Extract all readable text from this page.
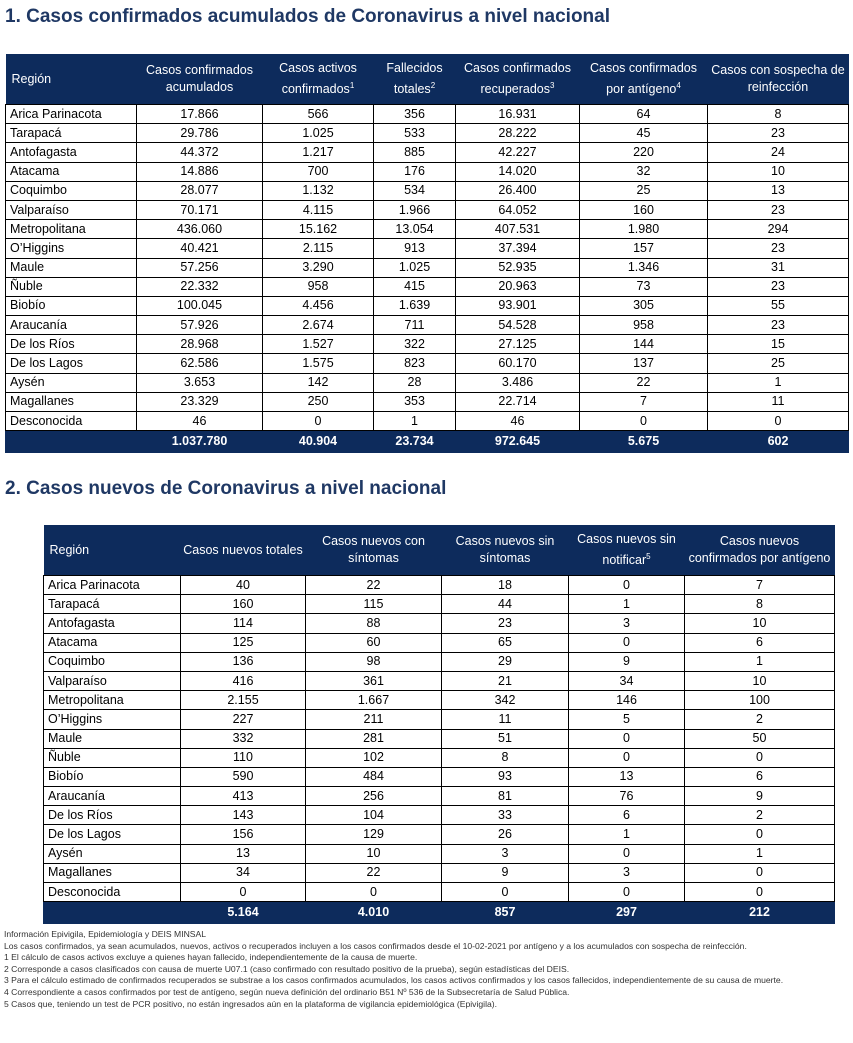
1. Casos confirmados acumulados de Coronavirus a nivel nacional
Región	Casos confirmados acumulados	Casos activos confirmados$^1$	Fallecidos totales$^2$	Casos confirmados recuperados$^3$	Casos confirmados por antígeno$^4$	Casos con sospecha de reinfección
Arica Parinacota	17.866	566	356	16.931	64	8
Tarapacá	29.786	1.025	533	28.222	45	23
Antofagasta	44.372	1.217	885	42.227	220	24
Atacama	14.886	700	176	14.020	32	10
Coquimbo	28.077	1.132	534	26.400	25	13
Valparaíso	70.171	4.115	1.966	64.052	160	23
Metropolitana	436.060	15.162	13.054	407.531	1.980	294
O’Higgins	40.421	2.115	913	37.394	157	23
Maule	57.256	3.290	1.025	52.935	1.346	31
Ñuble	22.332	958	415	20.963	73	23
Biobío	100.045	4.456	1.639	93.901	305	55
Araucanía	57.926	2.674	711	54.528	958	23
De los Ríos	28.968	1.527	322	27.125	144	15
De los Lagos	62.586	1.575	823	60.170	137	25
Aysén	3.653	142	28	3.486	22	1
Magallanes	23.329	250	353	22.714	7	11
Desconocida	46	0	1	46	0	0
	1.037.780	40.904	23.734	972.645	5.675	602
2. Casos nuevos de Coronavirus a nivel nacional
Región	Casos nuevos totales	Casos nuevos con síntomas	Casos nuevos sin síntomas	Casos nuevos sin notificar$^5$	Casos nuevos confirmados por antígeno
Arica Parinacota	40	22	18	0	7
Tarapacá	160	115	44	1	8
Antofagasta	114	88	23	3	10
Atacama	125	60	65	0	6
Coquimbo	136	98	29	9	1
Valparaíso	416	361	21	34	10
Metropolitana	2.155	1.667	342	146	100
O’Higgins	227	211	11	5	2
Maule	332	281	51	0	50
Ñuble	110	102	8	0	0
Biobío	590	484	93	13	6
Araucanía	413	256	81	76	9
De los Ríos	143	104	33	6	2
De los Lagos	156	129	26	1	0
Aysén	13	10	3	0	1
Magallanes	34	22	9	3	0
Desconocida	0	0	0	0	0
	5.164	4.010	857	297	212
Información Epivigila, Epidemiología y DEIS MINSAL
Los casos confirmados, ya sean acumulados, nuevos, activos o recuperados incluyen a los casos confirmados desde el 10-02-2021 por antígeno y a los acumulados con sospecha de reinfección.
1 El cálculo de casos activos excluye a quienes hayan fallecido, independientemente de la causa de muerte.
2 Corresponde a casos clasificados con causa de muerte U07.1 (caso confirmado con resultado positivo de la prueba), según estadísticas del DEIS.
3 Para el cálculo estimado de confirmados recuperados se substrae a los casos confirmados acumulados, los casos activos confirmados y los casos fallecidos, independientemente de su causa de muerte.
4 Correspondiente a casos confirmados por test de antígeno, según nueva definición del ordinario B51 Nº 536 de la Subsecretaría de Salud Pública.
5 Casos que, teniendo un test de PCR positivo, no están ingresados aún en la plataforma de vigilancia epidemiológica (Epivigila).
